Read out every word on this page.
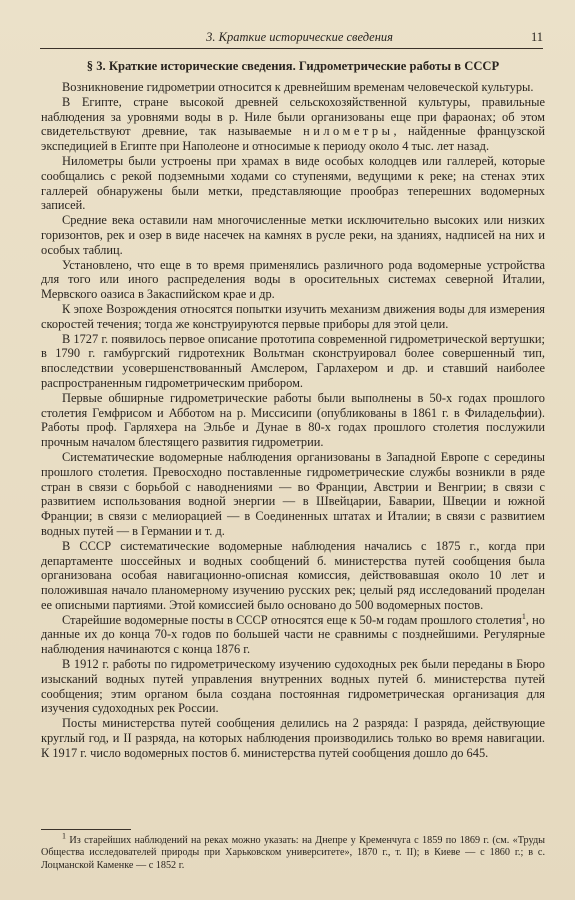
3. Краткие исторические сведения	11
§ 3. Краткие исторические сведения. Гидрометрические работы в СССР

Возникновение гидрометрии относится к древнейшим временам человеческой культуры.

В Египте, стране высокой древней сельскохозяйственной культуры, правильные наблюдения за уровнями воды в р. Ниле были организованы еще при фараонах; об этом свидетельствуют древние, так называемые нилометры, найденные французской экспедицией в Египте при Наполеоне и относимые к периоду около 4 тыс. лет назад.

Нилометры были устроены при храмах в виде особых колодцев или галлерей, которые сообщались с рекой подземными ходами со ступенями, ведущими к реке; на стенах этих галлерей обнаружены были метки, представляющие прообраз теперешних водомерных записей.

Средние века оставили нам многочисленные метки исключительно высоких или низких горизонтов, рек и озер в виде насечек на камнях в русле реки, на зданиях, надписей на них и особых таблиц.

Установлено, что еще в то время применялись различного рода водомерные устройства для того или иного распределения воды в оросительных системах северной Италии, Мервского оазиса в Закаспийском крае и др.

К эпохе Возрождения относятся попытки изучить механизм движения воды для измерения скоростей течения; тогда же конструируются первые приборы для этой цели.

В 1727 г. появилось первое описание прототипа современной гидрометрической вертушки; в 1790 г. гамбургский гидротехник Вольтман сконструировал более совершенный тип, впоследствии усовершенствованный Амслером, Гарлахером и др. и ставший наиболее распространенным гидрометрическим прибором.

Первые обширные гидрометрические работы были выполнены в 50-х годах прошлого столетия Гемфрисом и Абботом на р. Миссисипи (опубликованы в 1861 г. в Филадельфии). Работы проф. Гарляхера на Эльбе и Дунае в 80-х годах прошлого столетия послужили прочным началом блестящего развития гидрометрии.

Систематические водомерные наблюдения организованы в Западной Европе с середины прошлого столетия. Превосходно поставленные гидрометрические службы возникли в ряде стран в связи с борьбой с наводнениями — во Франции, Австрии и Венгрии; в связи с развитием использования водной энергии — в Швейцарии, Баварии, Швеции и южной Франции; в связи с мелиорацией — в Соединенных штатах и Италии; в связи с развитием водных путей — в Германии и т. д.

В СССР систематические водомерные наблюдения начались с 1875 г., когда при департаменте шоссейных и водных сообщений б. министерства путей сообщения была организована особая навигационно-описная комиссия, действовавшая около 10 лет и положившая начало планомерному изучению русских рек; целый ряд исследований проделан ее описными партиями. Этой комиссией было основано до 500 водомерных постов.

Старейшие водомерные посты в СССР относятся еще к 50-м годам прошлого столетия$^1$, но данные их до конца 70-х годов по большей части не сравнимы с позднейшими. Регулярные наблюдения начинаются с конца 1876 г.

В 1912 г. работы по гидрометрическому изучению судоходных рек были переданы в Бюро изысканий водных путей управления внутренних водных путей б. министерства путей сообщения; этим органом была создана постоянная гидрометрическая организация для изучения судоходных рек России.

Посты министерства путей сообщения делились на 2 разряда: I разряда, действующие круглый год, и II разряда, на которых наблюдения производились только во время навигации. К 1917 г. число водомерных постов б. министерства путей сообщения дошло до 645.

$^1$ Из старейших наблюдений на реках можно указать: на Днепре у Кременчуга с 1859 по 1869 г. (см. «Труды Общества исследователей природы при Харьковском университете», 1870 г., т. II); в Киеве — с 1860 г.; в с. Лоцманской Каменке — с 1852 г.
